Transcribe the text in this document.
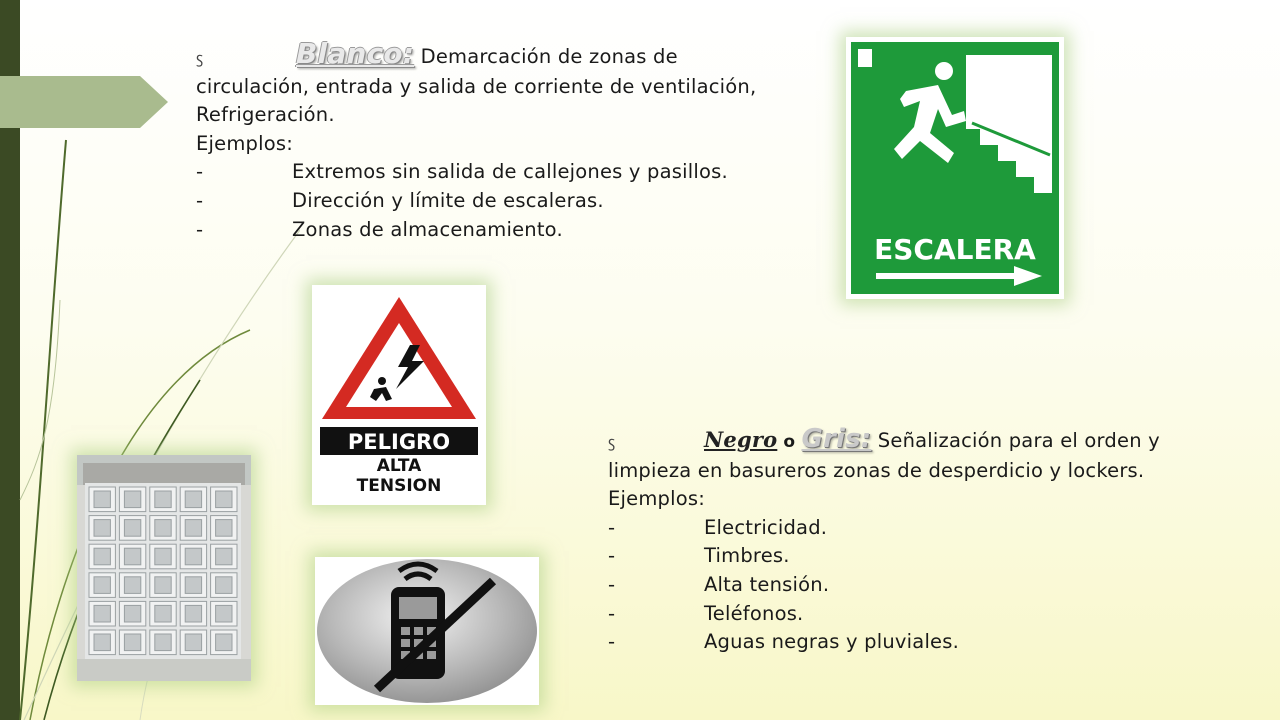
ꚃ	Blanco: Demarcación de zonas de circulación, entrada y salida de corriente de ventilación, Refrigeración.
Ejemplos:
-	Extremos sin salida de callejones y pasillos.
-	Dirección y límite de escaleras.
-	Zonas de almacenamiento.
ꚃ	Negro o Gris: Señalización para el orden y limpieza en basureros zonas de desperdicio y lockers.
Ejemplos:
-	Electricidad.
-	Timbres.
-	Alta tensión.
-	Teléfonos.
-	Aguas negras y pluviales.
ESCALERA
PELIGRO
ALTA
TENSION
